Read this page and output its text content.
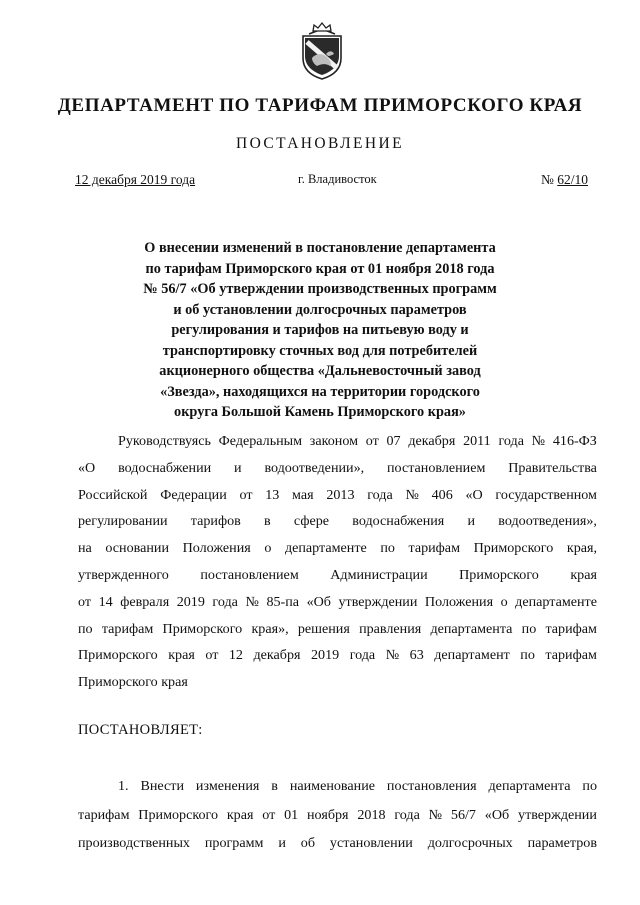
ДЕПАРТАМЕНТ ПО ТАРИФАМ ПРИМОРСКОГО КРАЯ
ПОСТАНОВЛЕНИЕ
12 декабря 2019 года	г. Владивосток	№ 62/10
О внесении изменений в постановление департамента
по тарифам Приморского края от 01 ноября 2018 года
№ 56/7 «Об утверждении производственных программ
и об установлении долгосрочных параметров
регулирования и тарифов на питьевую воду и
транспортировку сточных вод для потребителей
акционерного общества «Дальневосточный завод
«Звезда», находящихся на территории городского
округа Большой Камень Приморского края»
Руководствуясь Федеральным законом от 07 декабря 2011 года № 416-ФЗ
«О водоснабжении и водоотведении», постановлением Правительства
Российской Федерации от 13 мая 2013 года № 406 «О государственном
регулировании тарифов в сфере водоснабжения и водоотведения»,
на основании Положения о департаменте по тарифам Приморского края,
утвержденного постановлением Администрации Приморского края
от 14 февраля 2019 года № 85-па «Об утверждении Положения о департаменте
по тарифам Приморского края», решения правления департамента по тарифам
Приморского края от 12 декабря 2019 года № 63 департамент по тарифам
Приморского края
ПОСТАНОВЛЯЕТ:
1. Внести изменения в наименование постановления департамента по
тарифам Приморского края от 01 ноября 2018 года № 56/7 «Об утверждении
производственных программ и об установлении долгосрочных параметров
